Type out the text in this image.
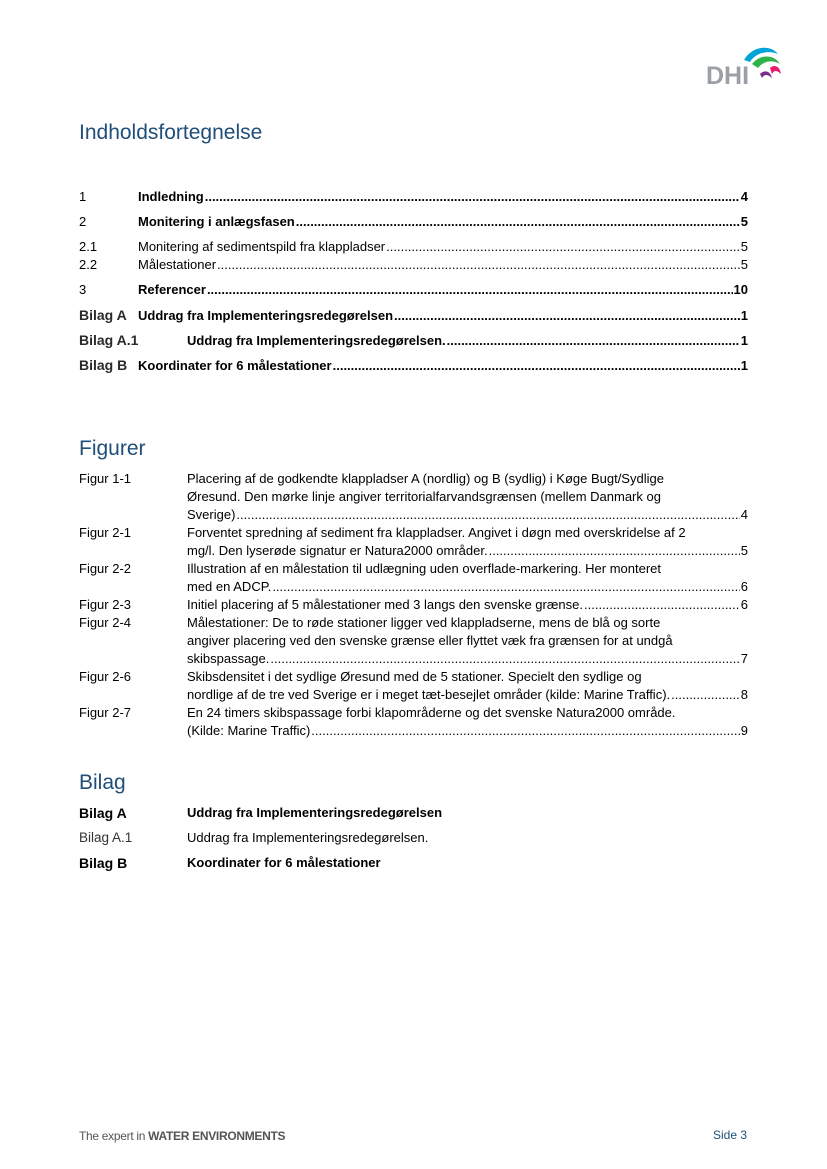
DHI
Indholdsfortegnelse
1	Indledning .....	4
2	Monitering i anlægsfasen .....	5
2.1	Monitering af sedimentspild fra klappladser .....	5
2.2	Målestationer .....	5
3	Referencer .....	10
Bilag A Uddrag fra Implementeringsredegørelsen .....	1
Bilag A.1	Uddrag fra Implementeringsredegørelsen. .....	1
Bilag B Koordinater for 6 målestationer .....	1
Figurer
Figur 1-1	Placering af de godkendte klappladser A (nordlig) og B (sydlig) i Køge Bugt/Sydlige
Øresund. Den mørke linje angiver territorialfarvandsgrænsen (mellem Danmark og
Sverige) .....	4
Figur 2-1	Forventet spredning af sediment fra klappladser. Angivet i døgn med overskridelse af 2
mg/l. Den lyserøde signatur er Natura2000 områder. .....	5
Figur 2-2	Illustration af en målestation til udlægning uden overflade-markering. Her monteret
med en ADCP. .....	6
Figur 2-3	Initiel placering af 5 målestationer med 3 langs den svenske grænse. .....	6
Figur 2-4	Målestationer: De to røde stationer ligger ved klappladserne, mens de blå og sorte
angiver placering ved den svenske grænse eller flyttet væk fra grænsen for at undgå
skibspassage. .....	7
Figur 2-6	Skibsdensitet i det sydlige Øresund med de 5 stationer. Specielt den sydlige og
nordlige af de tre ved Sverige er i meget tæt-besejlet områder (kilde: Marine Traffic). .....	8
Figur 2-7	En 24 timers skibspassage forbi klapområderne og det svenske Natura2000 område.
(Kilde: Marine Traffic) .....	9
Bilag
Bilag A	Uddrag fra Implementeringsredegørelsen
Bilag A.1	Uddrag fra Implementeringsredegørelsen.
Bilag B	Koordinater for 6 målestationer
The expert in WATER ENVIRONMENTS	Side 3
